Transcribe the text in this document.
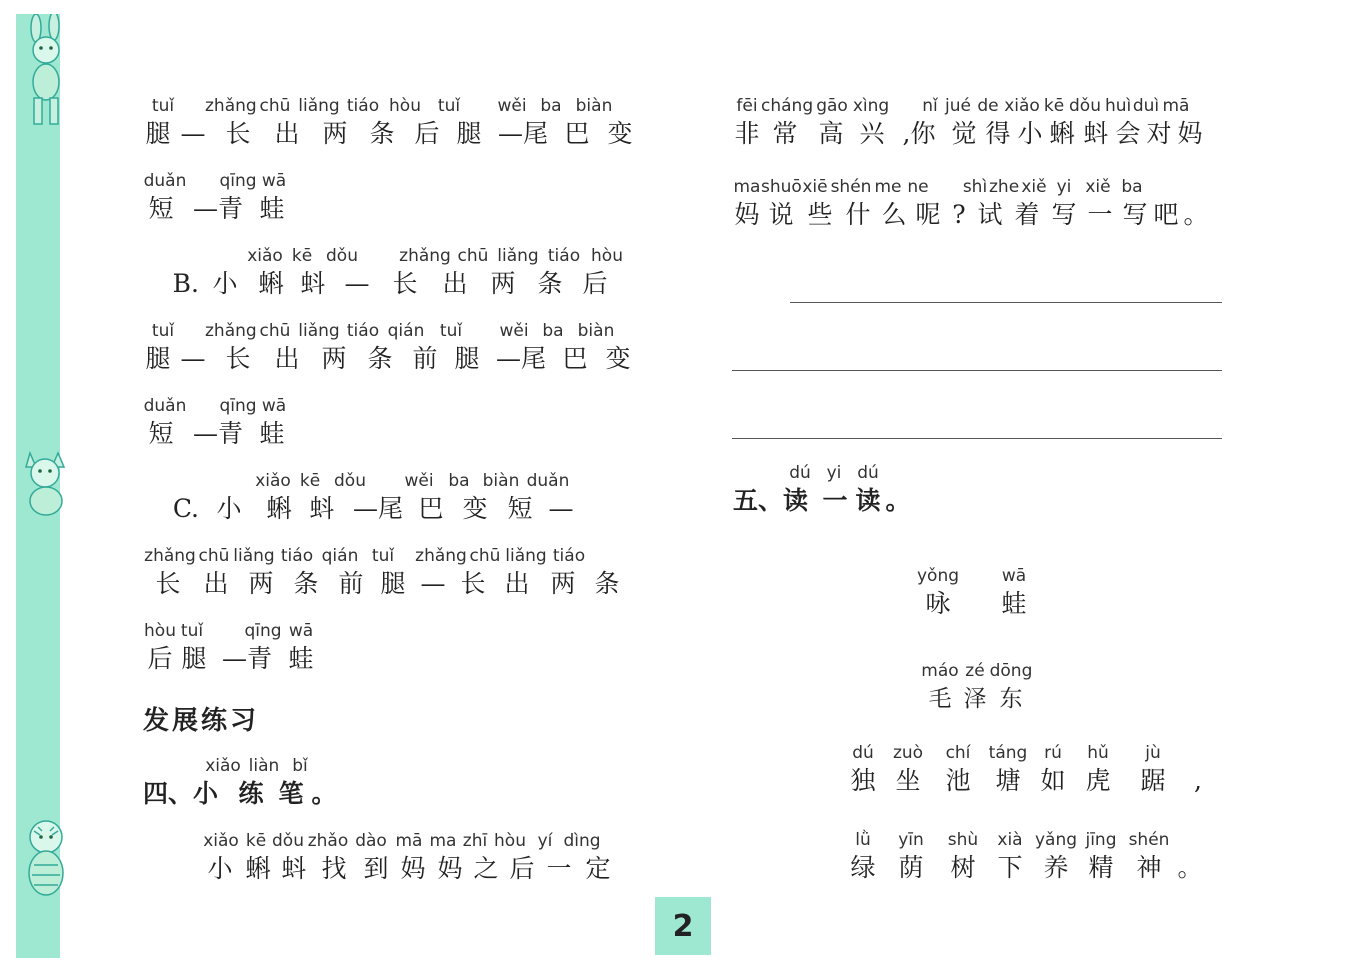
tuǐ	zhǎng chū liǎng tiáo hòu tuǐ	wěi ba biàn
腿 — 长 出 两 条 后 腿 —尾 巴 变
duǎn qīng wā
短 —青 蛙
xiǎo kē dǒu	zhǎng chū liǎng tiáo hòu
B. 小 蝌 蚪 — 长 出 两 条 后
tuǐ	zhǎng chū liǎng tiáo qián tuǐ	wěi ba biàn
腿 — 长 出 两 条 前 腿 —尾 巴 变
duǎn qīng wā
短 —青 蛙
xiǎo kē dǒu	wěi ba biàn duǎn
C. 小 蝌 蚪 —尾 巴 变 短 —
zhǎng chū liǎng tiáo qián tuǐ	zhǎng chū liǎng tiáo
长 出 两 条 前 腿 — 长 出 两 条
hòu tuǐ qīng wā
后 腿 —青 蛙
发展练习
xiǎo liàn bǐ
四、小 练 笔 。
xiǎo kē dǒu zhǎo dào mā ma zhī hòu yí dìng
小 蝌 蚪 找 到 妈 妈 之 后 一 定
fēi cháng gāo xìng nǐ jué de xiǎo kē dǒu huì duì mā
非 常 高 兴 ,你 觉 得 小 蝌 蚪 会 对 妈
ma shuō xiē shén me ne shì zhe xiě yi xiě ba
妈 说 些 什 么 呢 ? 试 着 写 一 写 吧 。
dú yi dú
五、读 一 读 。
yǒng	wā
咏	蛙
máo zé dōng
毛 泽 东
dú	zuò	chí	táng rú	hǔ	jù
独 坐 池 塘 如 虎	踞	,
lǜ	yīn	shù	xià yǎng jīng shén
绿 荫	树 下 养 精 神 。
2
